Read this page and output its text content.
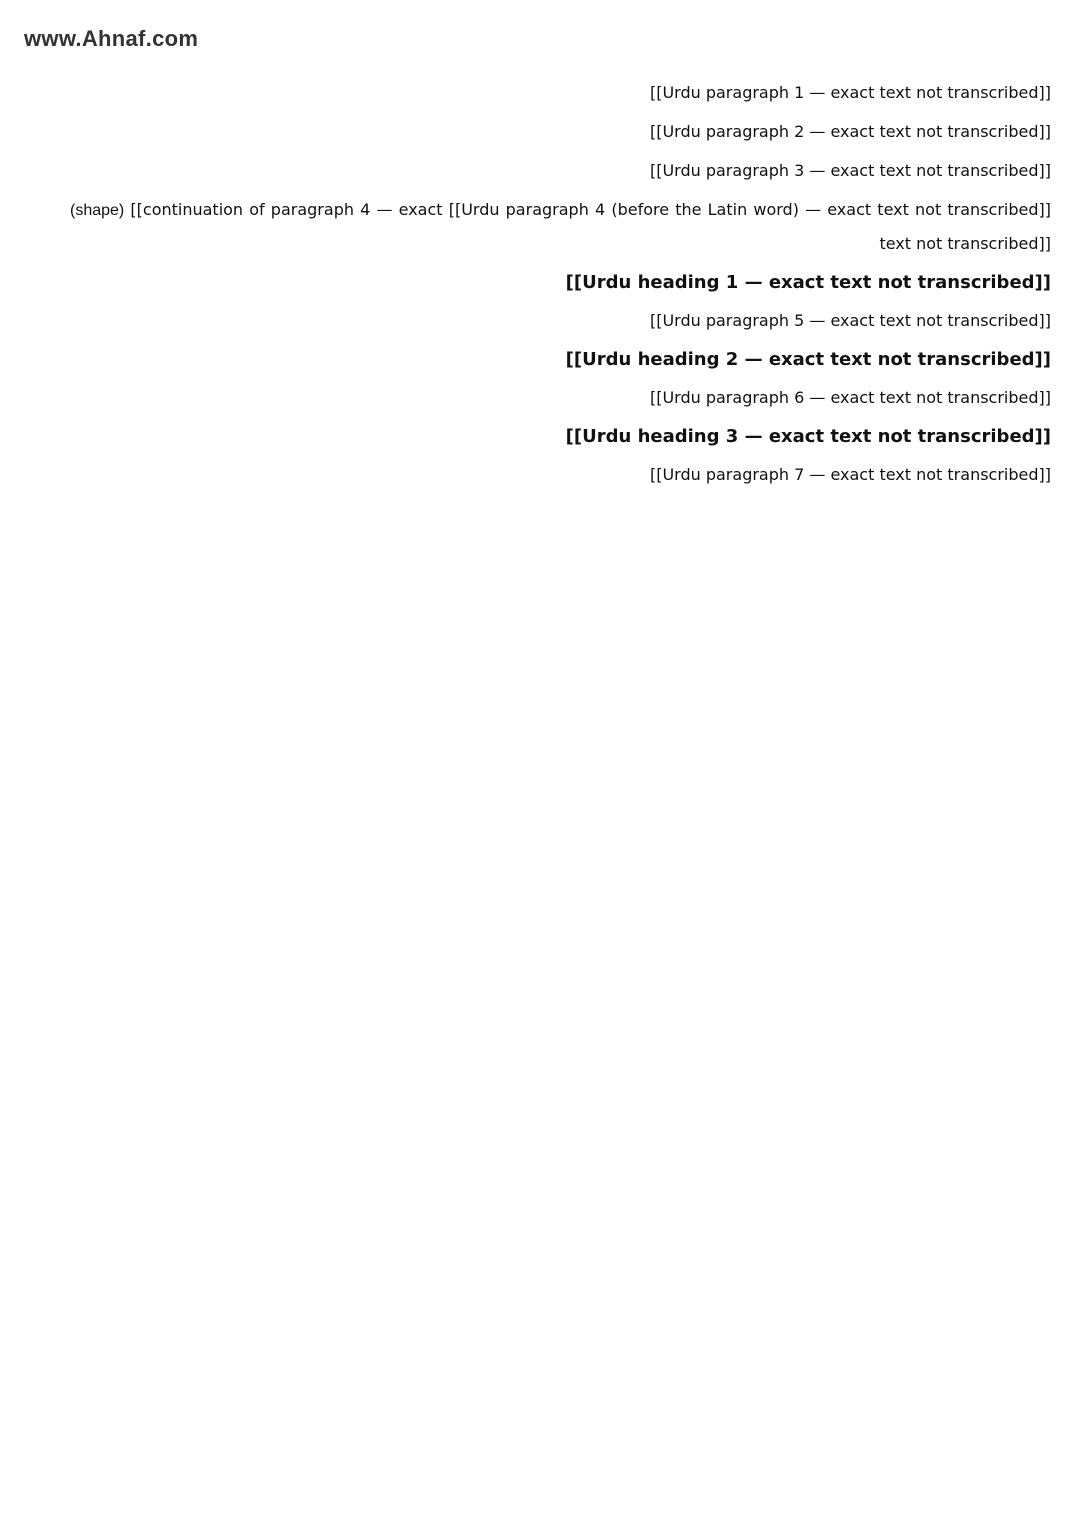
www.Ahnaf.com

[[Urdu paragraph 1 — exact text not transcribed]]

[[Urdu paragraph 2 — exact text not transcribed]]

[[Urdu paragraph 3 — exact text not transcribed]]

[[Urdu paragraph 4 (before the Latin word) — exact text not transcribed]] (shape) [[continuation of paragraph 4 — exact text not transcribed]]

[[Urdu heading 1 — exact text not transcribed]]

[[Urdu paragraph 5 — exact text not transcribed]]

[[Urdu heading 2 — exact text not transcribed]]

[[Urdu paragraph 6 — exact text not transcribed]]

[[Urdu heading 3 — exact text not transcribed]]

[[Urdu paragraph 7 — exact text not transcribed]]
